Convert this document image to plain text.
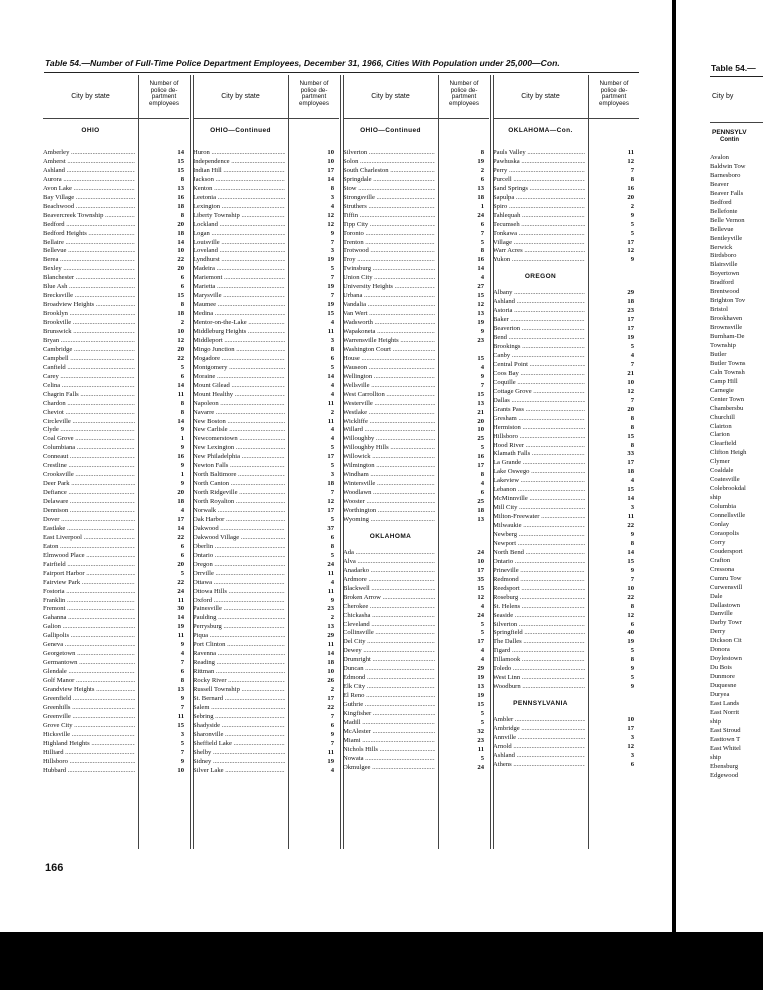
Table 54.—Number of Full-Time Police Department Employees, December 31, 1966, Cities With Population under 25,000—Con.
City by state
Number of
police de-
partment
employees
OHIO
Amberley .....	14
Amherst .....	15
Ashland .....	15
Aurora .....	8
Avon Lake .....	13
Bay Village .....	16
Beachwood .....	18
Beavercreek Township .....	8
Bedford .....	20
Bedford Heights .....	18
Bellaire .....	14
Bellevue .....	10
Berea .....	22
Bexley .....	20
Blanchester .....	6
Blue Ash .....	6
Brecksville .....	15
Broadview Heights .....	8
Brooklyn .....	18
Brookville .....	2
Brunswick .....	10
Bryan .....	12
Cambridge .....	20
Campbell .....	22
Canfield .....	5
Carey .....	6
Celina .....	14
Chagrin Falls .....	11
Chardon .....	8
Cheviot .....	8
Circleville .....	14
Clyde .....	9
Coal Grove .....	1
Columbiana .....	9
Conneaut .....	16
Crestline .....	9
Crooksville .....	1
Deer Park .....	9
Defiance .....	20
Delaware .....	18
Dennison .....	4
Dover .....	17
Eastlake .....	14
East Liverpool .....	22
Eaton .....	6
Elmwood Place .....	6
Fairfield .....	20
Fairport Harbor .....	5
Fairview Park .....	22
Fostoria .....	24
Franklin .....	11
Fremont .....	30
Gahanna .....	14
Galion .....	19
Gallipolis .....	11
Geneva .....	9
Georgetown .....	4
Germantown .....	7
Glendale .....	6
Golf Manor .....	8
Grandview Heights .....	13
Greenfield .....	9
Greenhills .....	7
Greenville .....	11
Grove City .....	15
Hicksville .....	3
Highland Heights .....	5
Hilliard .....	7
Hillsboro .....	9
Hubbard .....	10
City by state
Number of
police de-
partment
employees
OHIO—Continued
Huron .....	10
Independence .....	10
Indian Hill .....	17
Jackson .....	14
Kenton .....	8
Leetonia .....	3
Lexington .....	4
Liberty Township .....	12
Lockland .....	12
Logan .....	9
Louisville .....	7
Loveland .....	3
Lyndhurst .....	19
Madeira .....	5
Mariemont .....	7
Marietta .....	19
Marysville .....	7
Maumee .....	19
Medina .....	15
Mentor-on-the-Lake .....	4
Middleburg Heights .....	11
Middleport .....	3
Mingo Junction .....	8
Mogadore .....	6
Montgomery .....	5
Moraine .....	14
Mount Gilead .....	4
Mount Healthy .....	4
Napoleon .....	11
Navarre .....	2
New Boston .....	11
New Carlisle .....	4
Newcomerstown .....	4
New Lexington .....	5
New Philadelphia .....	17
Newton Falls .....	5
North Baltimore .....	3
North Canton .....	18
North Ridgeville .....	7
North Royalton .....	12
Norwalk .....	17
Oak Harbor .....	5
Oakwood .....	37
Oakwood Village .....	6
Oberlin .....	8
Ontario .....	5
Oregon .....	24
Orrville .....	11
Ottawa .....	4
Ottowa Hills .....	11
Oxford .....	9
Painesville .....	23
Paulding .....	2
Perrysburg .....	13
Piqua .....	29
Port Clinton .....	11
Ravenna .....	14
Reading .....	18
Rittman .....	10
Rocky River .....	26
Russell Township .....	2
St. Bernard .....	17
Salem .....	22
Sebring .....	7
Shadyside .....	6
Sharonville .....	9
Sheffield Lake .....	7
Shelby .....	11
Sidney .....	19
Silver Lake .....	4
City by state
Number of
police de-
partment
employees
OHIO—Continued
Silverton .....	8
Solon .....	19
South Charleston .....	2
Springdale .....	6
Stow .....	13
Strongsville .....	18
Struthers .....	1
Tiffin .....	24
Tipp City .....	6
Toronto .....	7
Trenton .....	5
Trotwood .....	8
Troy .....	16
Twinsburg .....	14
Union City .....	4
University Heights .....	27
Urbana .....	15
Vandalia .....	12
Van Wert .....	13
Wadsworth .....	19
Wapakoneta .....	9
Warrensville Heights .....	23
Washington Court .....
House .....	15
Wauseon .....	4
Wellington .....	9
Wellsville .....	7
West Carrollton .....	15
Westerville .....	13
Westlake .....	21
Wickliffe .....	20
Willard .....	10
Willoughby .....	25
Willoughby Hills .....	5
Willowick .....	16
Wilmington .....	17
Windham .....	8
Wintersville .....	4
Woodlawn .....	6
Wooster .....	25
Worthington .....	18
Wyoming .....	13
OKLAHOMA
Ada .....	24
Alva .....	10
Anadarko .....	17
Ardmore .....	35
Blackwell .....	15
Broken Arrow .....	12
Cherokee .....	4
Chickasha .....	24
Cleveland .....	5
Collinsville .....	5
Del City .....	17
Dewey .....	4
Drumright .....	4
Duncan .....	29
Edmond .....	19
Elk City .....	13
El Reno .....	19
Guthrie .....	15
Kingfisher .....	5
Madill .....	5
McAlester .....	32
Miami .....	23
Nichols Hills .....	11
Nowata .....	5
Okmulgee .....	24
City by state
Number of
police de-
partment
employees
OKLAHOMA—Con.
Pauls Valley .....	11
Pawhuska .....	12
Perry .....	7
Purcell .....	8
Sand Springs .....	16
Sapulpa .....	20
Spiro .....	2
Tahlequah .....	9
Tecumseh .....	5
Tonkawa .....	5
Village .....	17
Warr Acres .....	12
Yukon .....	9
OREGON
Albany .....	29
Ashland .....	18
Astoria .....	23
Baker .....	17
Beaverton .....	17
Bend .....	19
Brookings .....	5
Canby .....	4
Central Point .....	7
Coos Bay .....	21
Coquille .....	10
Cottage Grove .....	12
Dallas .....	7
Grants Pass .....	20
Gresham .....	8
Hermiston .....	8
Hillsboro .....	15
Hood River .....	8
Klamath Falls .....	33
La Grande .....	17
Lake Oswego .....	18
Lakeview .....	4
Lebanon .....	15
McMinnville .....	14
Mill City .....	3
Milton-Freewater .....	11
Milwaukie .....	22
Newberg .....	9
Newport .....	8
North Bend .....	14
Ontario .....	15
Prineville .....	9
Redmond .....	7
Reedsport .....	10
Roseburg .....	22
St. Helens .....	8
Seaside .....	12
Silverton .....	6
Springfield .....	40
The Dalles .....	19
Tigard .....	5
Tillamook .....	8
Toledo .....	9
West Linn .....	5
Woodburn .....	9
PENNSYLVANIA
Ambler .....	10
Ambridge .....	17
Annville .....	3
Arnold .....	12
Ashland .....	3
Athens .....	6
166
Table 54.—
City by
PENNSYLV
Contin
Avalon
Baldwin Tow
Barnesboro
Beaver
Beaver Falls
Bedford
Bellefonte
Belle Vernon
Bellevue
Bentleyville
Berwick
Birdsboro
Blairsville
Boyertown
Bradford
Brentwood
Brighton Tov
Bristol
Brookhaven
Brownsville
Burnham-De
Township
Butler
Butler Towns
Caln Townsh
Camp Hill
Carnegie
Center Town
Chambersbu
Churchill
Clairton
Clarion
Clearfield
Clifton Heigh
Clymer
Coaldale
Coatesville
Colebrookdal
ship
Columbia
Connellsville
Conlay
Coraopolis
Corry
Coudersport
Crafton
Cressona
Cumru Tow
Curwensvill
Dale
Dallastown
Danville
Darby Towr
Derry
Dickson Cit
Donora
Doylestown
Du Bois
Dunmore
Duquesne
Duryea
East Lands
East Norrit
ship
East Stroud
Easttown T
East Whitel
ship
Ebensburg
Edgewood
